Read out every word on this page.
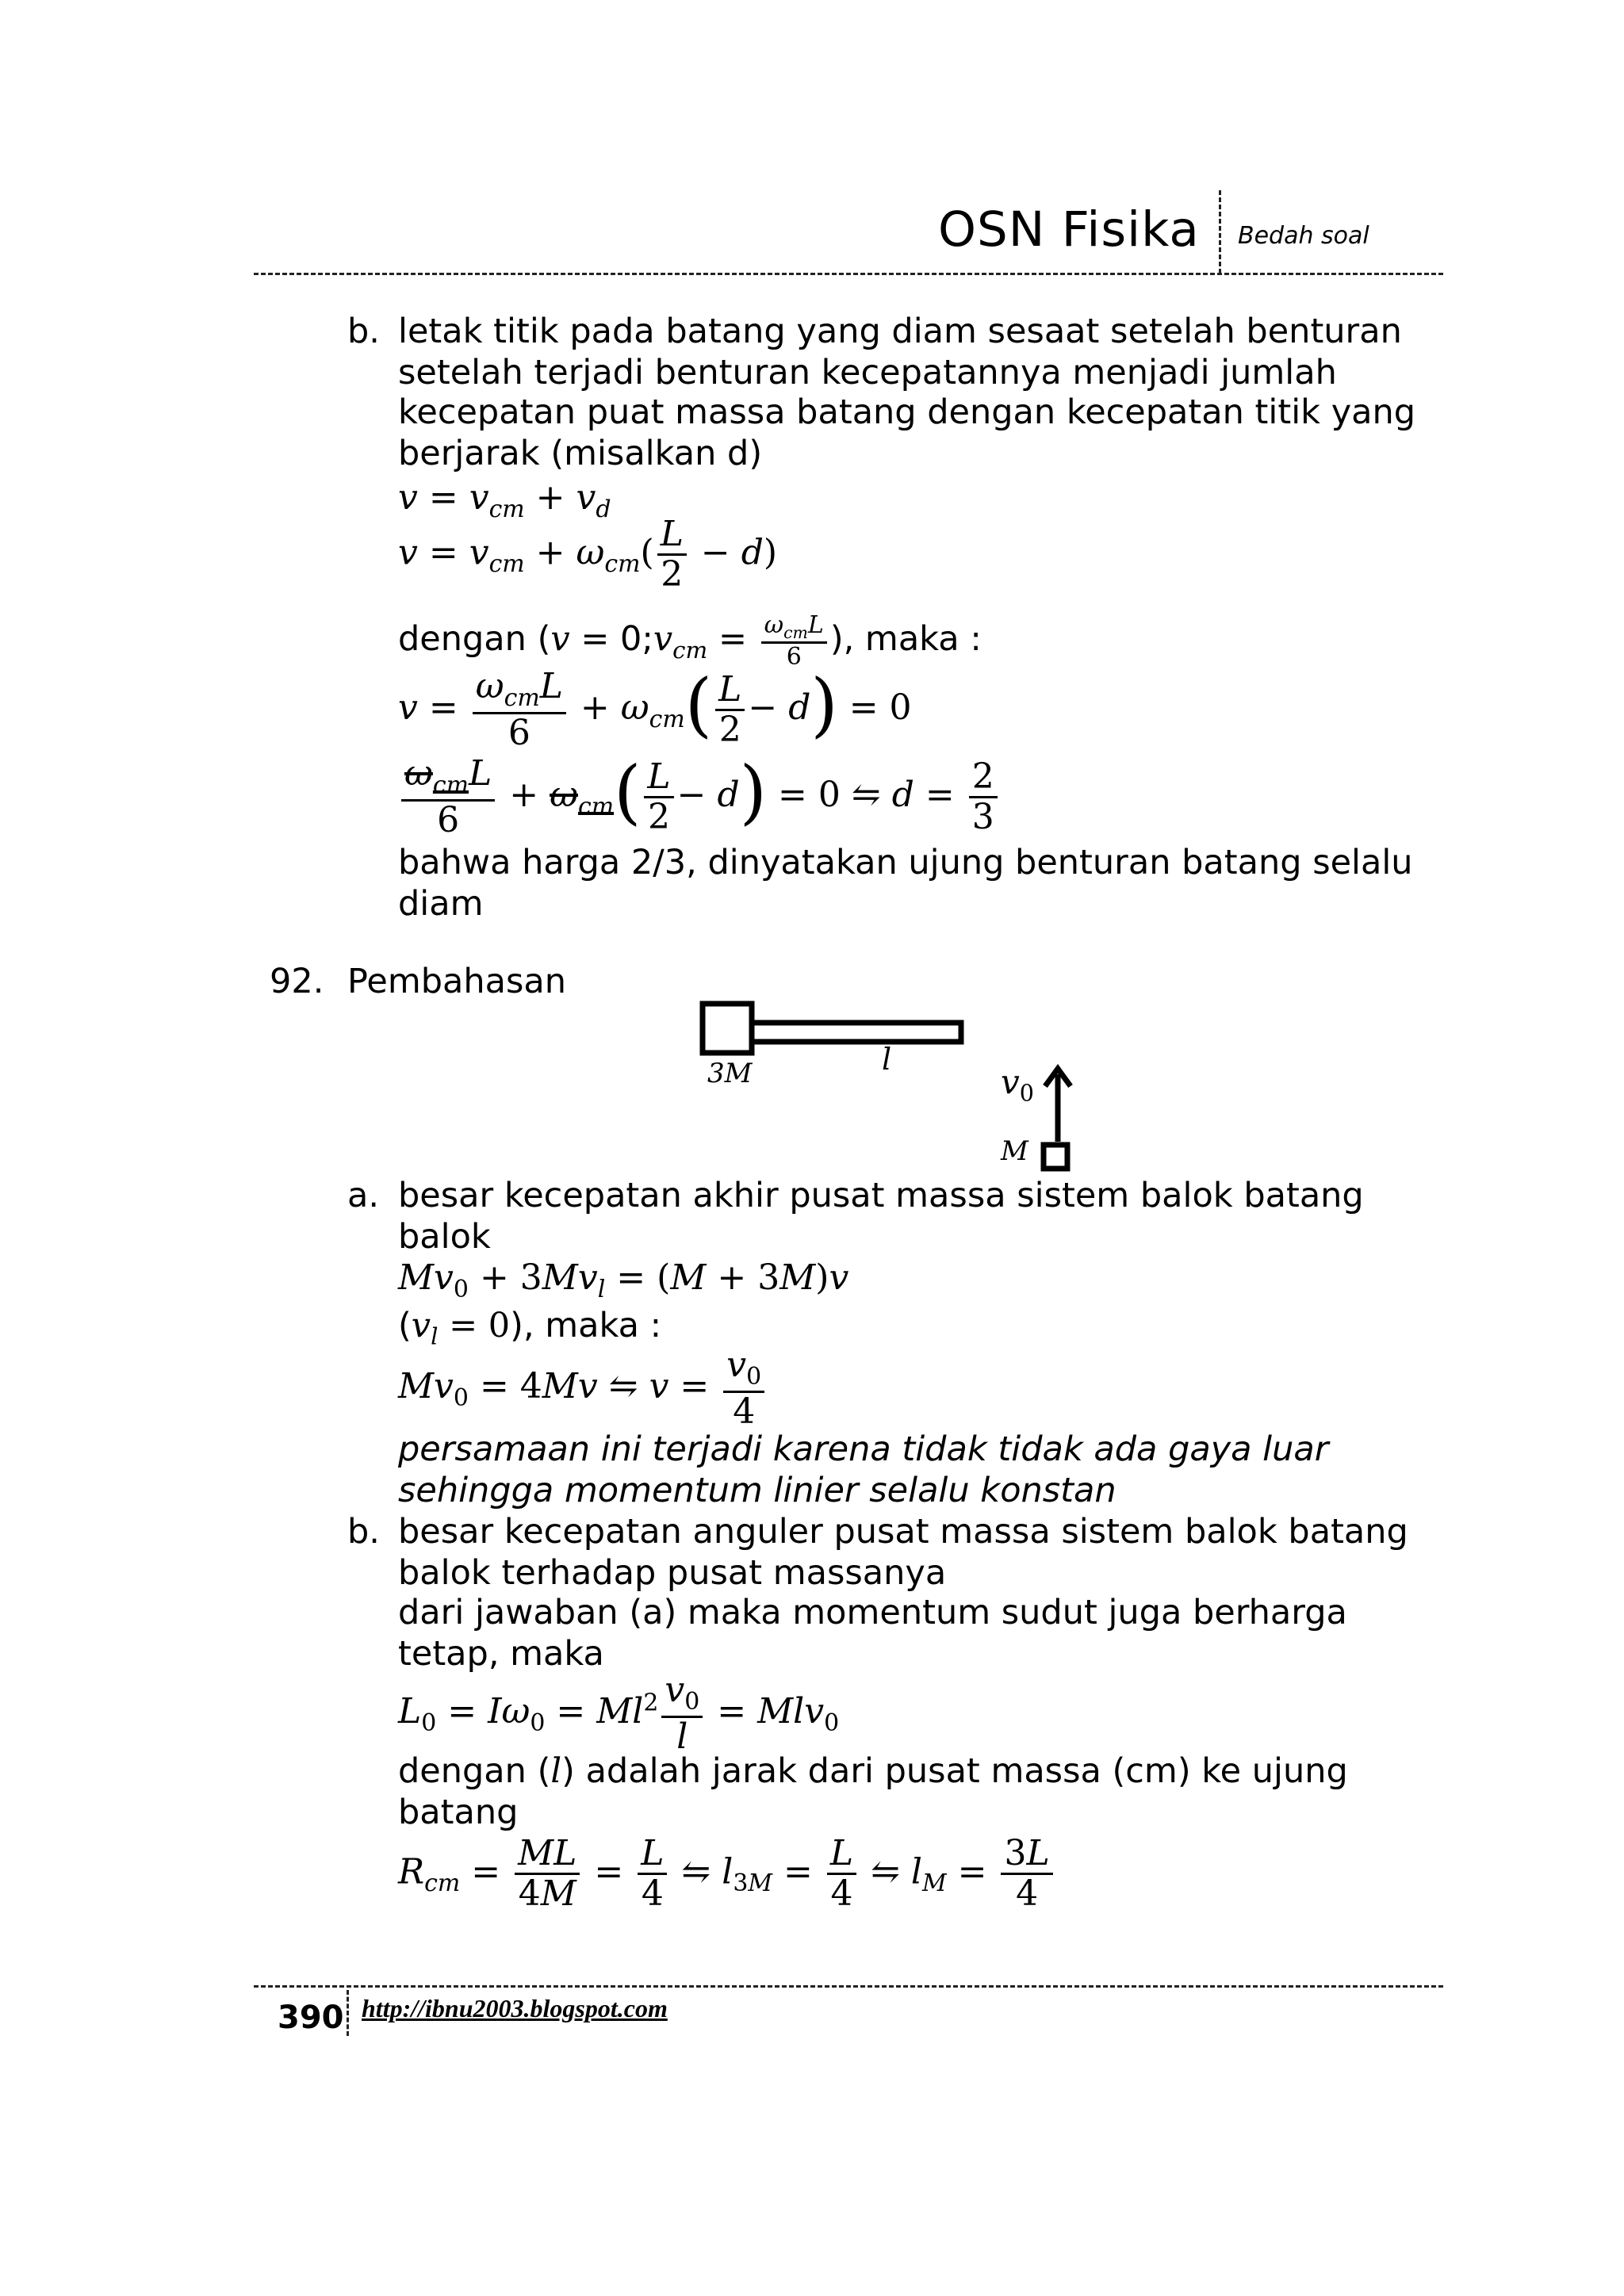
OSN Fisika Bedah soal
b. letak titik pada batang yang diam sesaat setelah benturan
setelah terjadi benturan kecepatannya menjadi jumlah
kecepatan puat massa batang dengan kecepatan titik yang
berjarak (misalkan d)
$v = v_{cm} + v_d$
$v = v_{cm} + \omega_{cm}( \frac{L}{2} - d)$
dengan ($v = 0;v_{cm} = \frac{\omega_{cm}L}{6}$ ), maka :
$v = \frac{\omega_{cm}L}{6} + \omega_{cm}( \frac{L}{2} - d) = 0$
$\frac{\omega_{cm}L}{6} + \omega_{cm}( \frac{L}{2} - d) = 0$ ⇋ $d = \frac{2}{3}$
bahwa harga 2/3, dinyatakan ujung benturan batang selalu
diam
92. Pembahasan
3M	l
$v_0$
M
a. besar kecepatan akhir pusat massa sistem balok batang
balok
$Mv_0 + 3Mv_l = (M + 3M)v$
$(v_l = 0)$, maka :
$Mv_0 = 4Mv$ ⇋ $v = \frac{v_0}{4}$
persamaan ini terjadi karena tidak tidak ada gaya luar
sehingga momentum linier selalu konstan
b. besar kecepatan anguler pusat massa sistem balok batang
balok terhadap pusat massanya
dari jawaban (a) maka momentum sudut juga berharga
tetap, maka
$L_0 = I\omega_0 = Ml^2 \frac{v_0}{l} = Mlv_0$
dengan (l) adalah jarak dari pusat massa (cm) ke ujung
batang
$R_{cm} = \frac{ML}{4M} = \frac{L}{4}$ ⇋ $l_{3M} = \frac{L}{4}$ ⇋ $l_M = \frac{3L}{4}$
390 http://ibnu2003.blogspot.com
